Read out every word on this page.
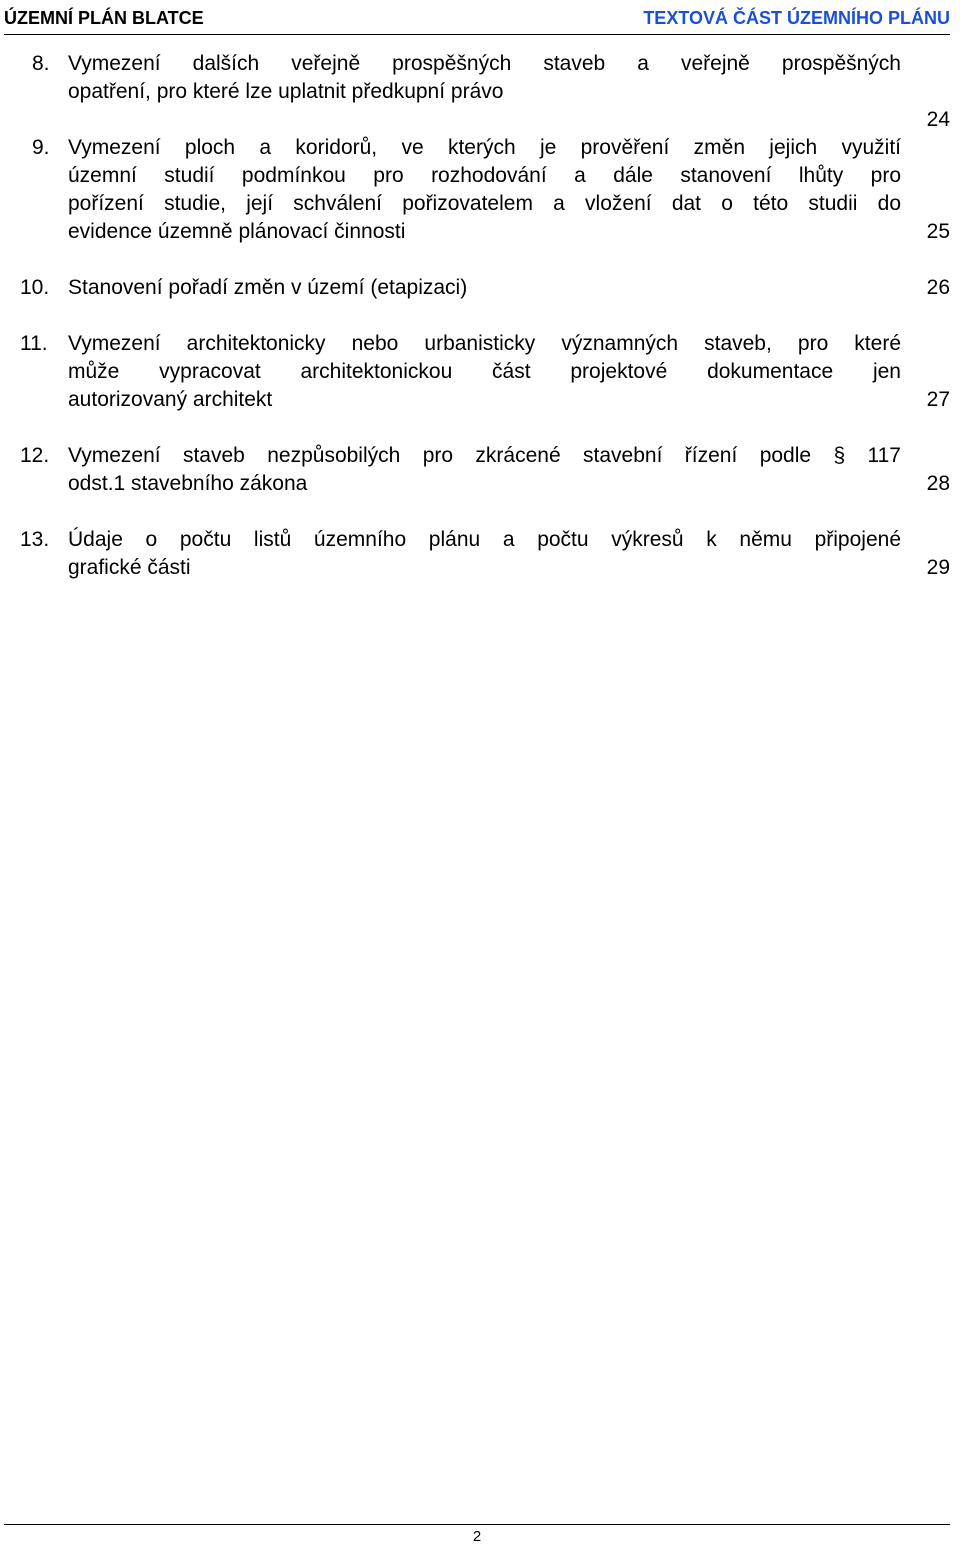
ÚZEMNÍ PLÁN BLATCE	TEXTOVÁ ČÁST ÚZEMNÍHO PLÁNU
8. Vymezení dalších veřejně prospěšných staveb a veřejně prospěšných
opatření, pro které lze uplatnit předkupní právo
24
9. Vymezení ploch a koridorů, ve kterých je prověření změn jejich využití
územní studií podmínkou pro rozhodování a dále stanovení lhůty pro
pořízení studie, její schválení pořizovatelem a vložení dat o této studii do
evidence územně plánovací činnosti	25
10. Stanovení pořadí změn v území (etapizaci)	26
11. Vymezení architektonicky nebo urbanisticky významných staveb, pro které
může vypracovat architektonickou část projektové dokumentace jen
autorizovaný architekt	27
12. Vymezení staveb nezpůsobilých pro zkrácené stavební řízení podle § 117
odst.1 stavebního zákona	28
13. Údaje o počtu listů územního plánu a počtu výkresů k němu připojené
grafické části	29
2
